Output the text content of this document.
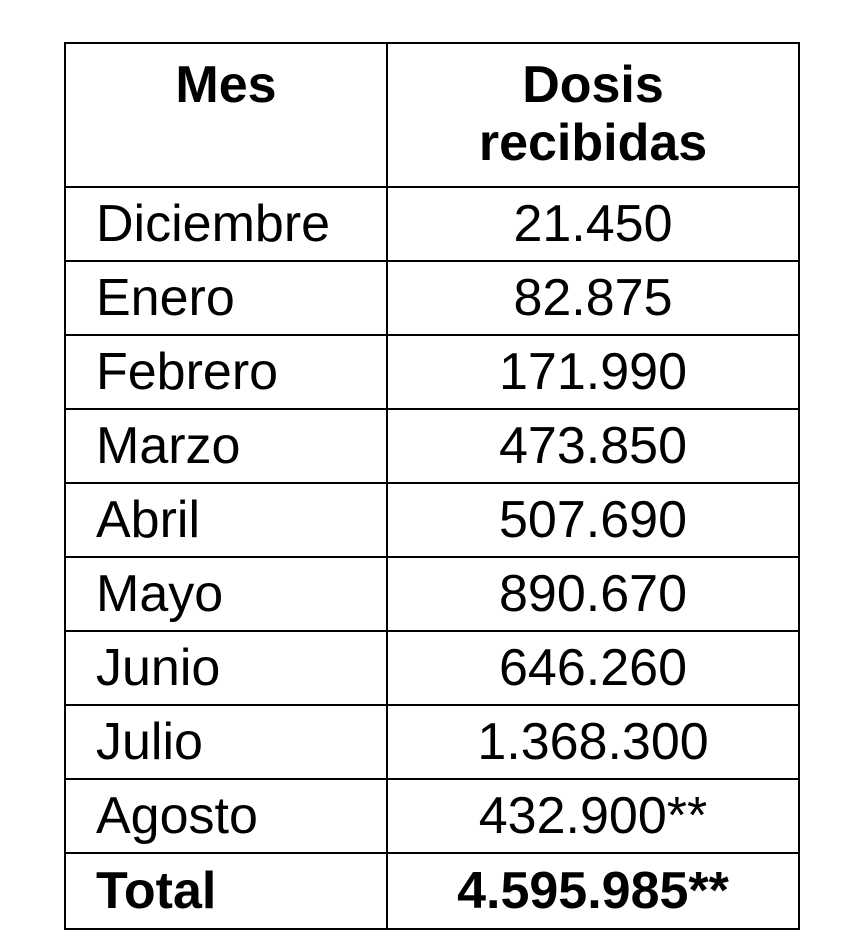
Mes	Dosis
recibidas

Diciembre	21.450
Enero	82.875
Febrero	171.990
Marzo	473.850
Abril	507.690
Mayo	890.670
Junio	646.260
Julio	1.368.300
Agosto	432.900**
Total	4.595.985**
